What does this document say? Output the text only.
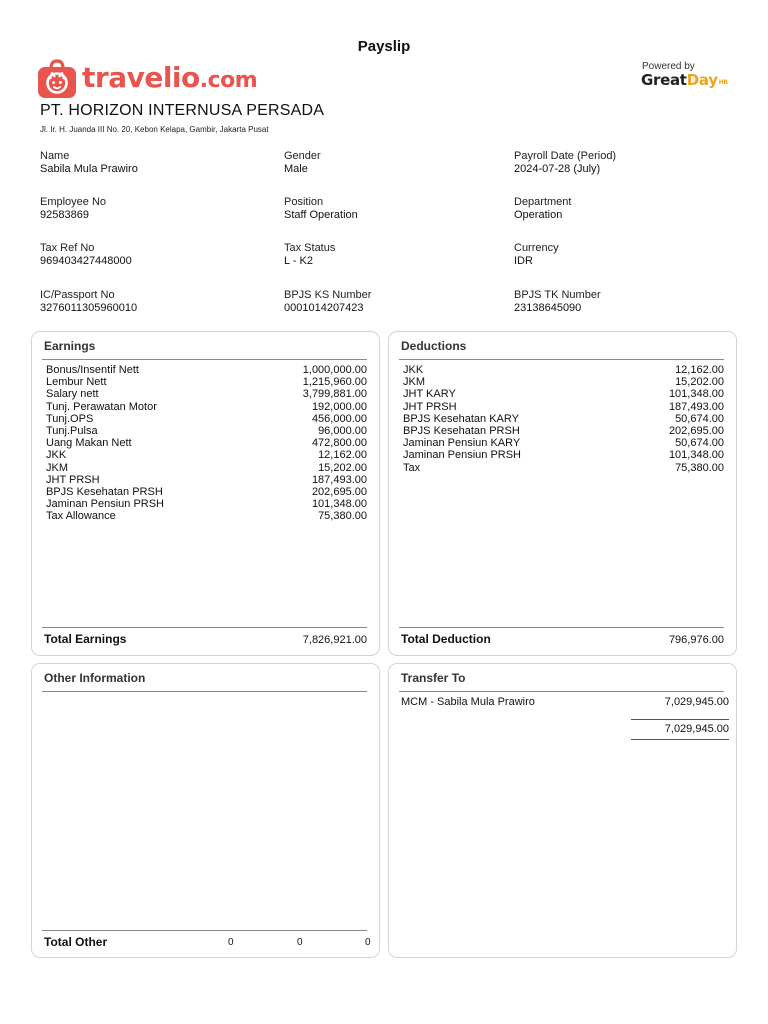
Payslip
travelio.com
Powered by
GreatDayHR
PT. HORIZON INTERNUSA PERSADA
Jl. Ir. H. Juanda III No. 20, Kebon Kelapa, Gambir, Jakarta Pusat
Name
Sabila Mula Prawiro
Gender
Male
Payroll Date (Period)
2024-07-28 (July)
Employee No
92583869
Position
Staff Operation
Department
Operation
Tax Ref No
969403427448000
Tax Status
L - K2
Currency
IDR
IC/Passport No
3276011305960010
BPJS KS Number
0001014207423
BPJS TK Number
23138645090
Earnings
Bonus/Insentif Nett	1,000,000.00
Lembur Nett	1,215,960.00
Salary nett	3,799,881.00
Tunj. Perawatan Motor	192,000.00
Tunj.OPS	456,000.00
Tunj.Pulsa	96,000.00
Uang Makan Nett	472,800.00
JKK	12,162.00
JKM	15,202.00
JHT PRSH	187,493.00
BPJS Kesehatan PRSH	202,695.00
Jaminan Pensiun PRSH	101,348.00
Tax Allowance	75,380.00
Total Earnings	7,826,921.00
Deductions
JKK	12,162.00
JKM	15,202.00
JHT KARY	101,348.00
JHT PRSH	187,493.00
BPJS Kesehatan KARY	50,674.00
BPJS Kesehatan PRSH	202,695.00
Jaminan Pensiun KARY	50,674.00
Jaminan Pensiun PRSH	101,348.00
Tax	75,380.00
Total Deduction	796,976.00
Other Information
Total Other	0	0	0
Transfer To
MCM - Sabila Mula Prawiro	7,029,945.00
7,029,945.00
